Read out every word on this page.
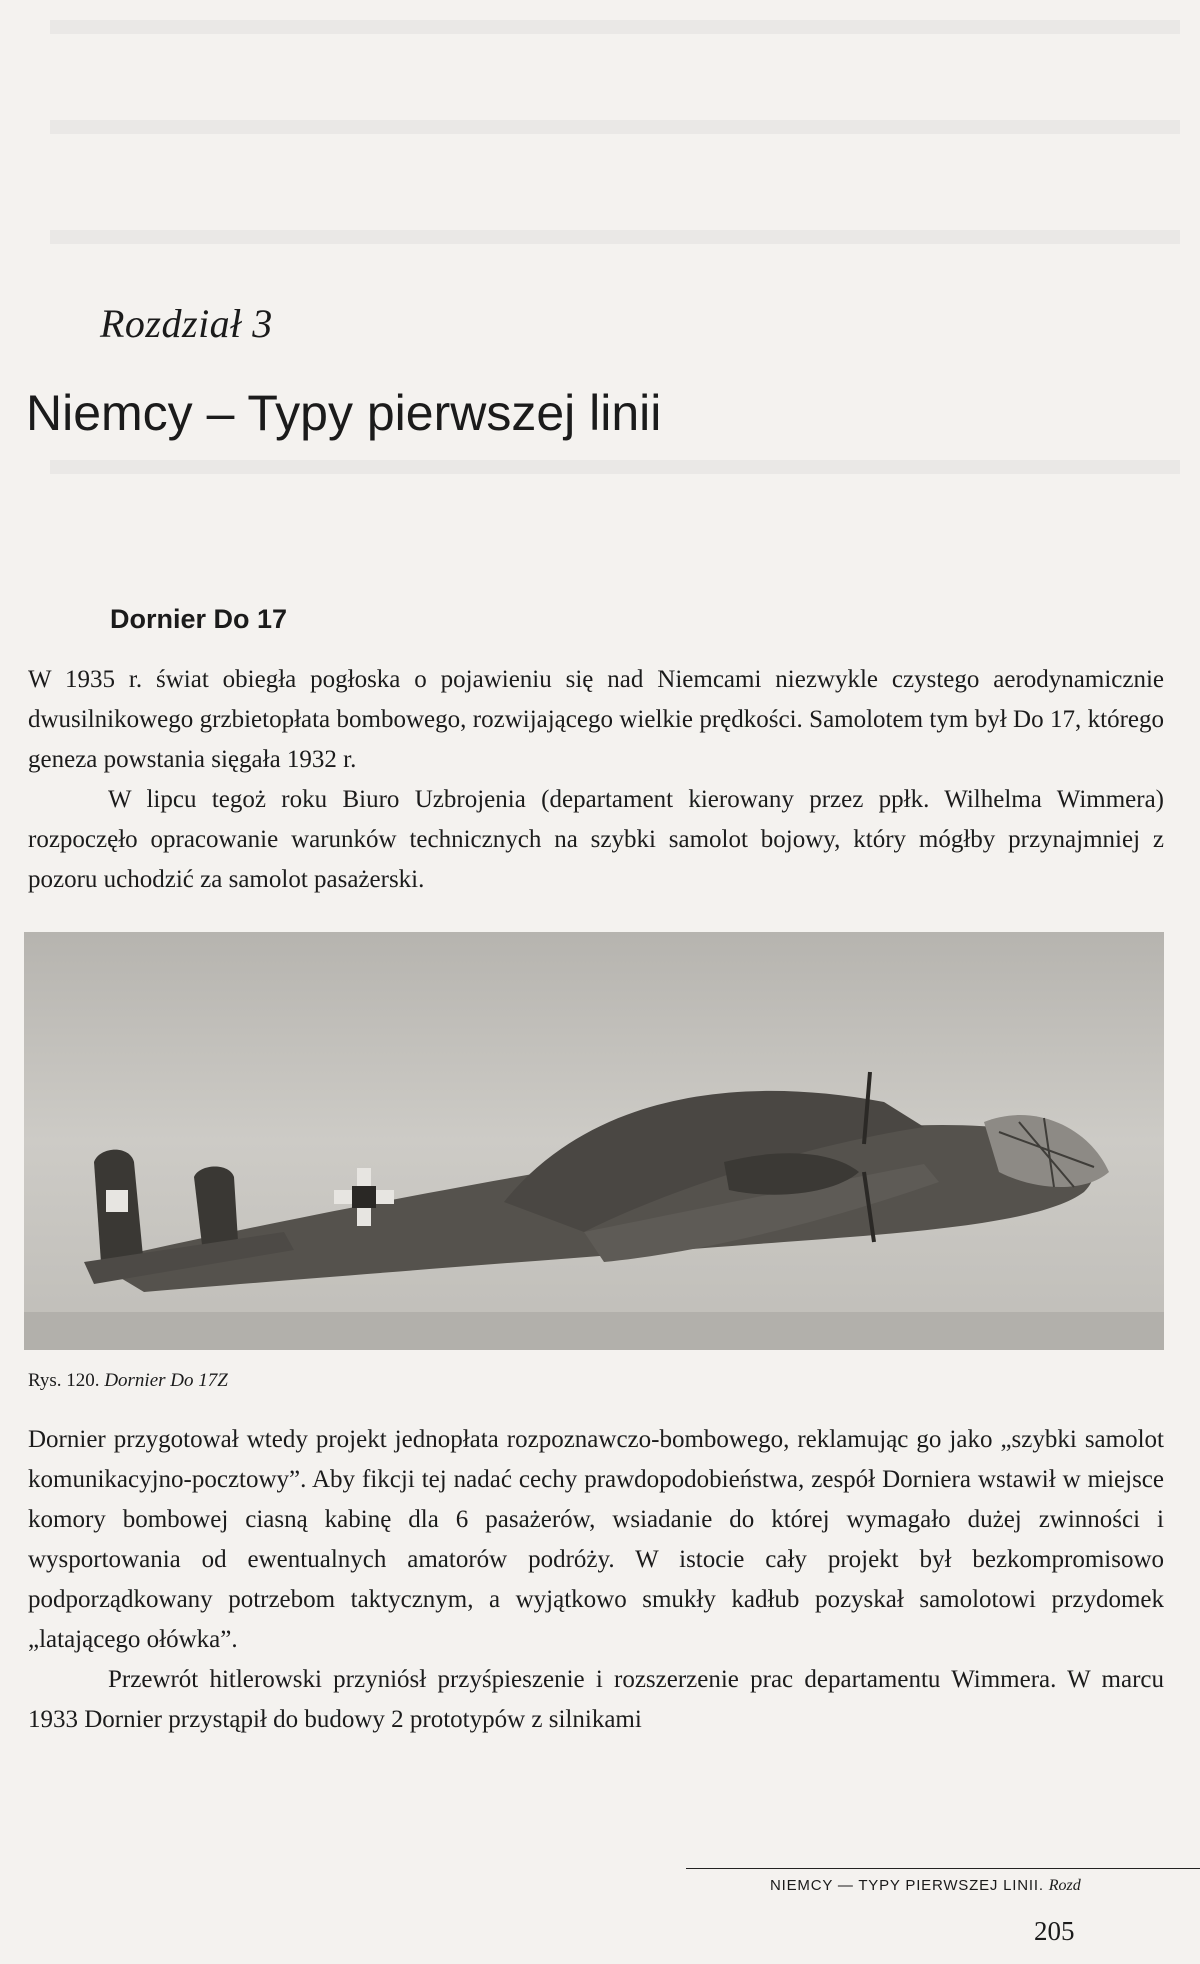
Rozdział 3
Niemcy – Typy pierwszej linii
Dornier Do 17

W 1935 r. świat obiegła pogłoska o pojawieniu się nad Niemcami niezwykle czystego aerodynamicznie dwusilnikowego grzbietopłata bombowego, rozwijającego wielkie prędkości. Samolotem tym był Do 17, którego geneza powstania sięgała 1932 r.

W lipcu tegoż roku Biuro Uzbrojenia (departament kierowany przez ppłk. Wilhelma Wimmera) rozpoczęło opracowanie warunków technicznych na szybki samolot bojowy, który mógłby przynajmniej z pozoru uchodzić za samolot pasażerski.

Rys. 120. Dornier Do 17Z

Dornier przygotował wtedy projekt jednopłata rozpoznawczo-bombowego, reklamując go jako „szybki samolot komunikacyjno-pocztowy”. Aby fikcji tej nadać cechy prawdopodobieństwa, zespół Dorniera wstawił w miejsce komory bombowej ciasną kabinę dla 6 pasażerów, wsiadanie do której wymagało dużej zwinności i wysportowania od ewentualnych amatorów podróży. W istocie cały projekt był bezkompromisowo podporządkowany potrzebom taktycznym, a wyjątkowo smukły kadłub pozyskał samolotowi przydomek „latającego ołówka”.

Przewrót hitlerowski przyniósł przyśpieszenie i rozszerzenie prac departamentu Wimmera. W marcu 1933 Dornier przystąpił do budowy 2 prototypów z silnikami

NIEMCY — TYPY PIERWSZEJ LINII. Rozd
205
